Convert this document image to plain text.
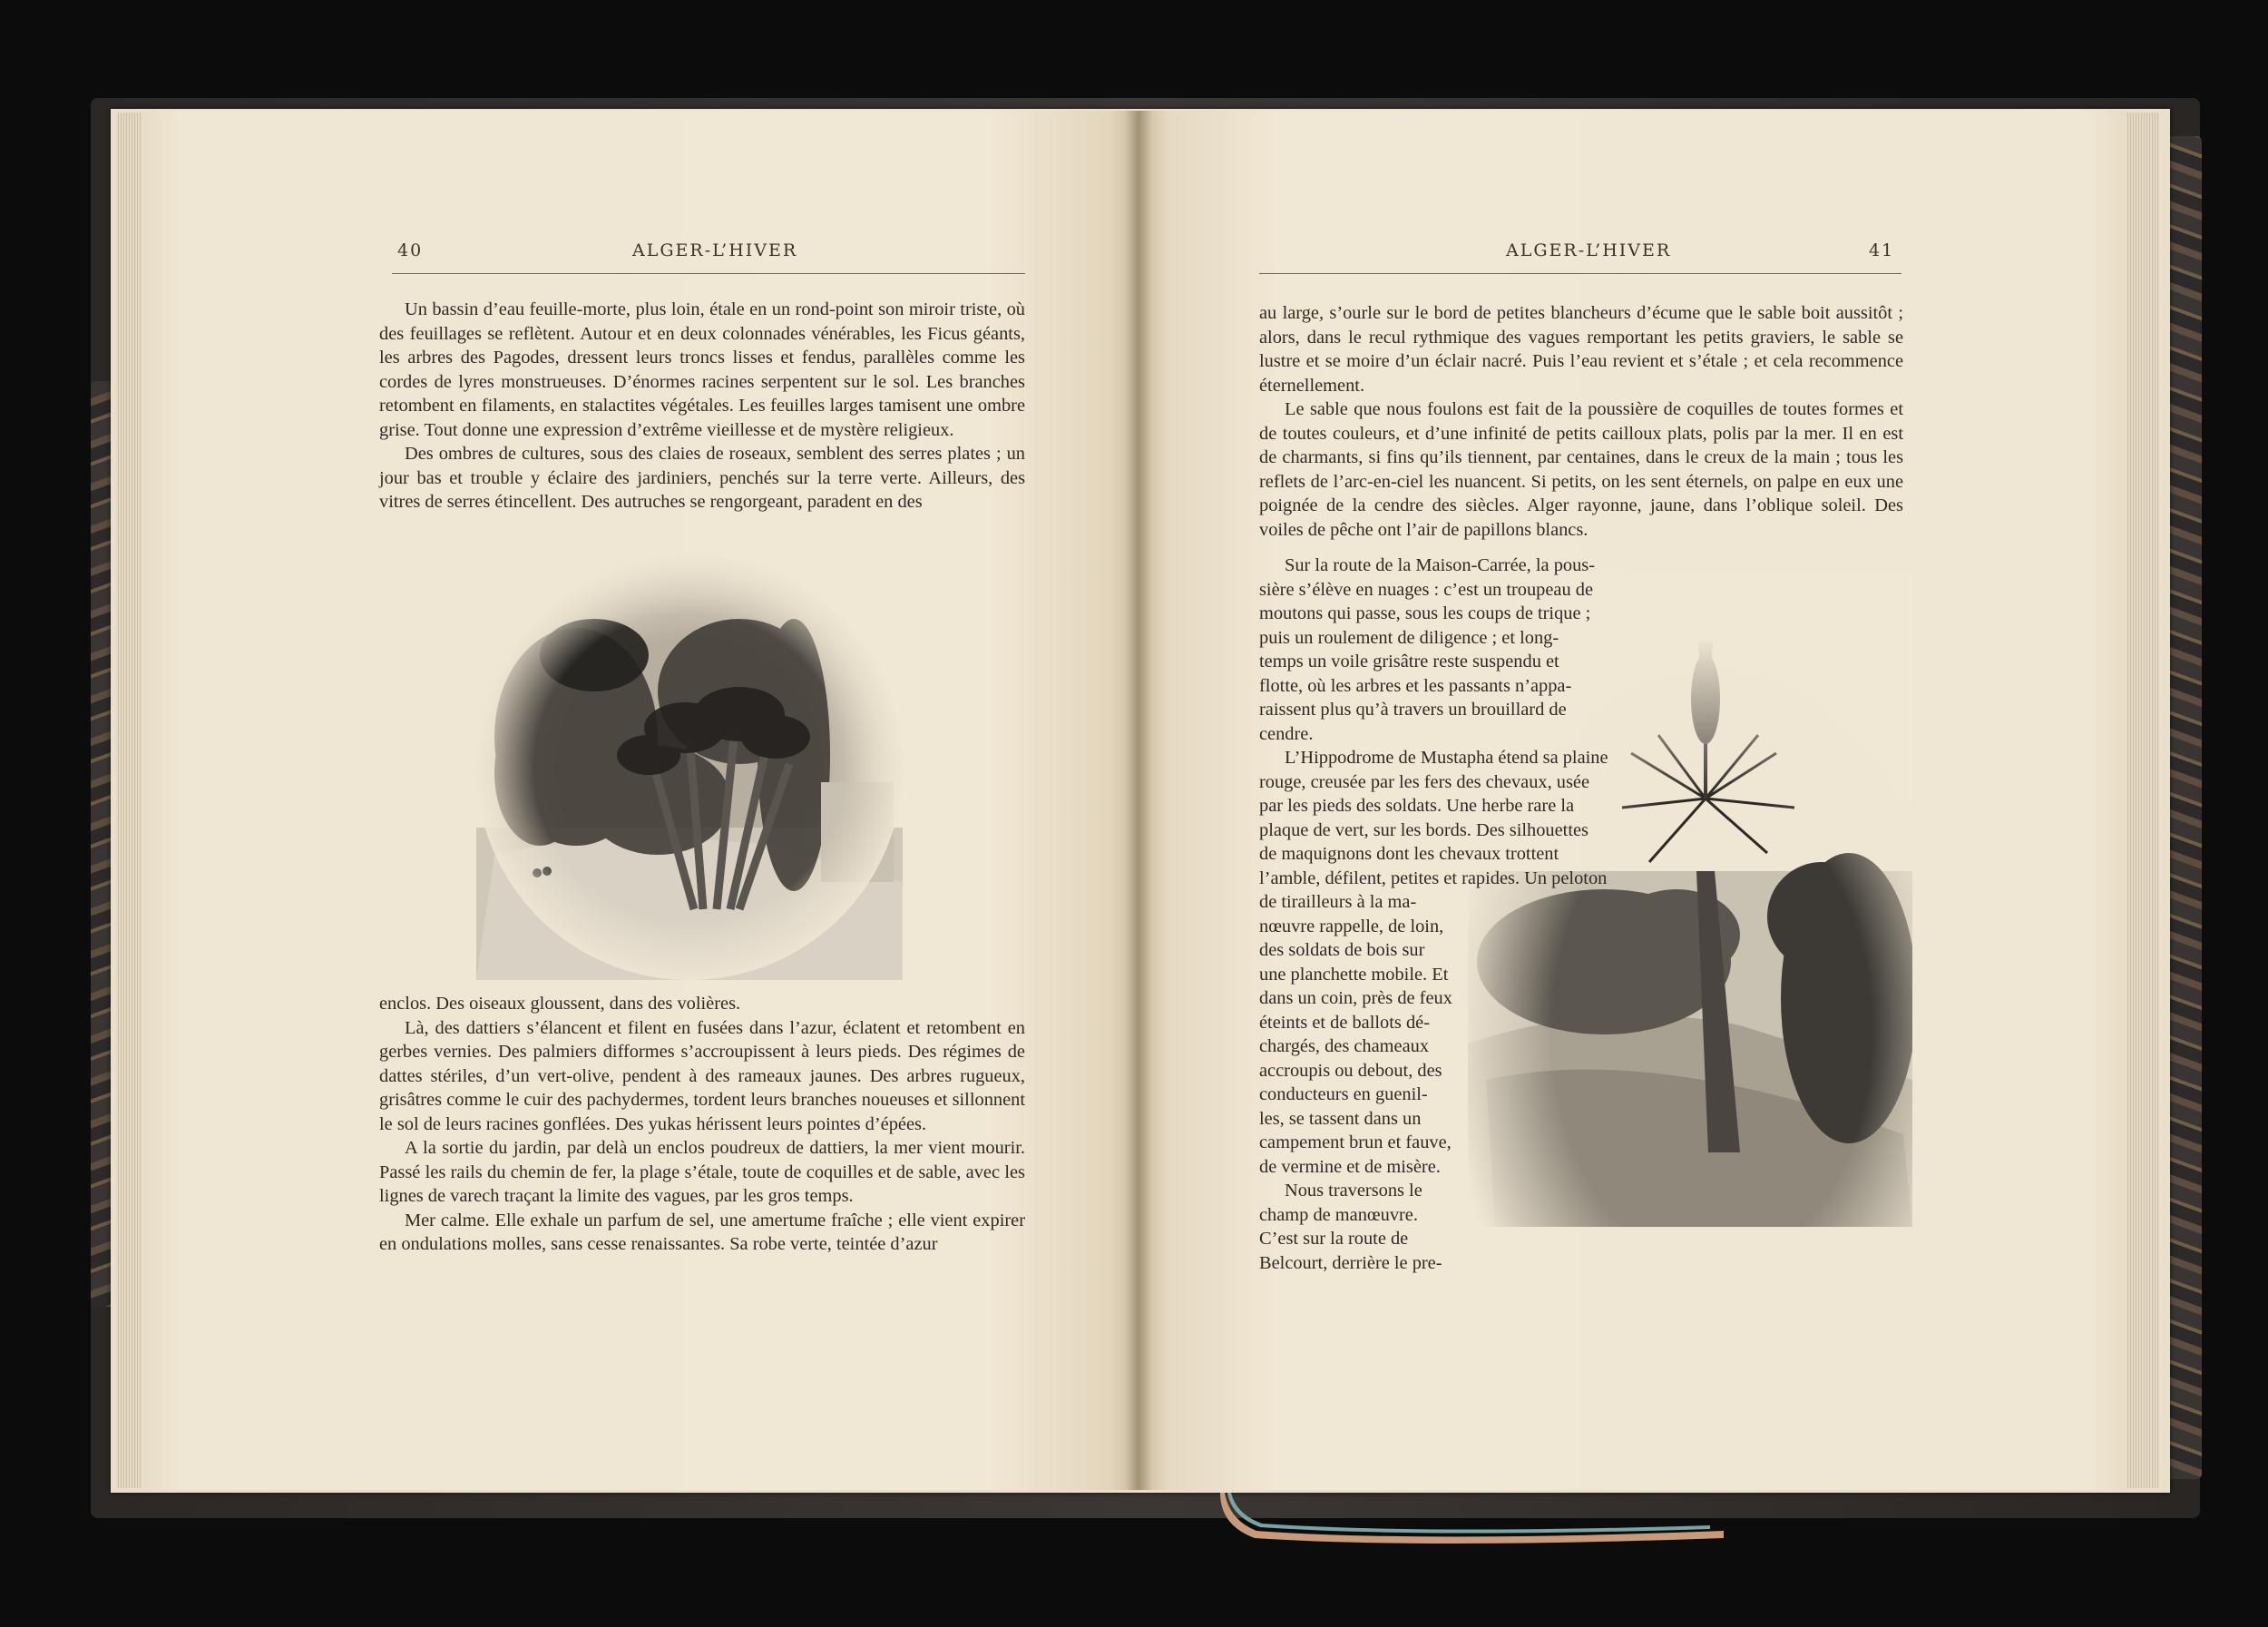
40	ALGER-L’HIVER

Un bassin d’eau feuille-morte, plus loin, étale en un rond-point son miroir triste, où des feuillages se reflètent. Autour et en deux colonnades vénérables, les Ficus géants, les arbres des Pagodes, dressent leurs troncs lisses et fendus, parallèles comme les cordes de lyres monstrueuses. D’énormes racines serpentent sur le sol. Les branches retombent en filaments, en stalactites végétales. Les feuilles larges tamisent une ombre grise. Tout donne une expression d’extrême vieillesse et de mystère religieux.

Des ombres de cultures, sous des claies de roseaux, semblent des serres plates ; un jour bas et trouble y éclaire des jardiniers, penchés sur la terre verte. Ailleurs, des vitres de serres étincellent. Des autruches se rengorgeant, paradent en des

enclos. Des oiseaux gloussent, dans des volières.

Là, des dattiers s’élancent et filent en fusées dans l’azur, éclatent et retombent en gerbes vernies. Des palmiers difformes s’accroupissent à leurs pieds. Des régimes de dattes stériles, d’un vert-olive, pendent à des rameaux jaunes. Des arbres rugueux, grisâtres comme le cuir des pachydermes, tordent leurs branches noueuses et sillonnent le sol de leurs racines gonflées. Des yukas hérissent leurs pointes d’épées.

A la sortie du jardin, par delà un enclos poudreux de dattiers, la mer vient mourir. Passé les rails du chemin de fer, la plage s’étale, toute de coquilles et de sable, avec les lignes de varech traçant la limite des vagues, par les gros temps.

Mer calme. Elle exhale un parfum de sel, une amertume fraîche ; elle vient expirer en ondulations molles, sans cesse renaissantes. Sa robe verte, teintée d’azur

ALGER-L’HIVER	41

au large, s’ourle sur le bord de petites blancheurs d’écume que le sable boit aussitôt ; alors, dans le recul rythmique des vagues remportant les petits graviers, le sable se lustre et se moire d’un éclair nacré. Puis l’eau revient et s’étale ; et cela recommence éternellement.

Le sable que nous foulons est fait de la poussière de coquilles de toutes formes et de toutes couleurs, et d’une infinité de petits cailloux plats, polis par la mer. Il en est de charmants, si fins qu’ils tiennent, par centaines, dans le creux de la main ; tous les reflets de l’arc-en-ciel les nuancent. Si petits, on les sent éternels, on palpe en eux une poignée de la cendre des siècles. Alger rayonne, jaune, dans l’oblique soleil. Des voiles de pêche ont l’air de papillons blancs.

Sur la route de la Maison-Carrée, la pous-
sière s’élève en nuages : c’est un troupeau de
moutons qui passe, sous les coups de trique ;
puis un roulement de diligence ; et long-
temps un voile grisâtre reste suspendu et
flotte, où les arbres et les passants n’appa-
raissent plus qu’à travers un brouillard de
cendre.
L’Hippodrome de Mustapha étend sa plaine
rouge, creusée par les fers des chevaux, usée
par les pieds des soldats. Une herbe rare la
plaque de vert, sur les bords. Des silhouettes
de maquignons dont les chevaux trottent
l’amble, défilent, petites et rapides. Un peloton
de tirailleurs à la ma-
nœuvre rappelle, de loin,
des soldats de bois sur
une planchette mobile. Et
dans un coin, près de feux
éteints et de ballots dé-
chargés, des chameaux
accroupis ou debout, des
conducteurs en guenil-
les, se tassent dans un
campement brun et fauve,
de vermine et de misère.
Nous traversons le
champ de manœuvre.
C’est sur la route de
Belcourt, derrière le pre-
